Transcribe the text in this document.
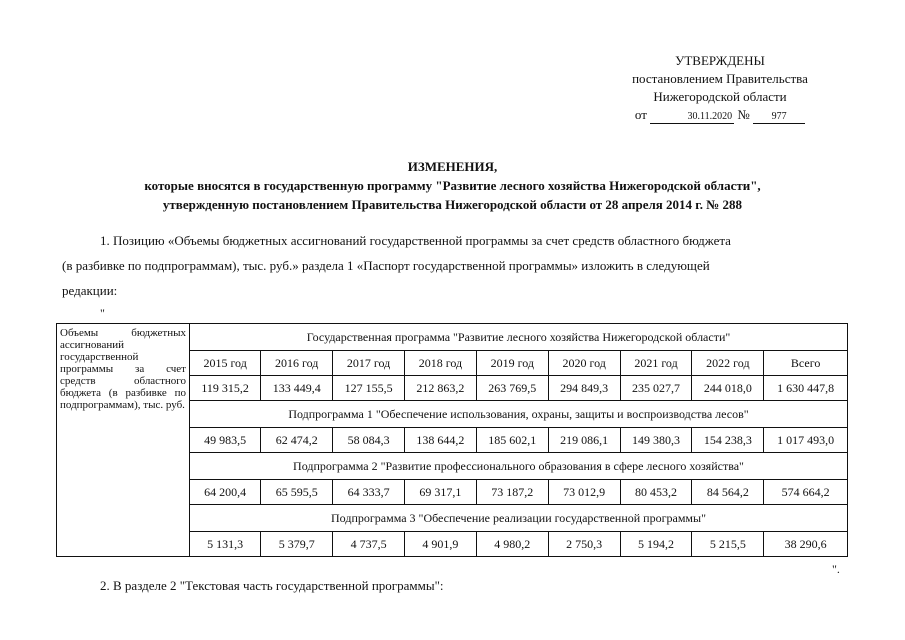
УТВЕРЖДЕНЫ
постановлением Правительства
Нижегородской области
от	30.11.2020 № 977
ИЗМЕНЕНИЯ,
которые вносятся в государственную программу "Развитие лесного хозяйства Нижегородской области",
утвержденную постановлением Правительства Нижегородской области от 28 апреля 2014 г. № 288
1. Позицию «Объемы бюджетных ассигнований государственной программы за счет средств областного бюджета
(в разбивке по подпрограммам), тыс. руб.» раздела 1 «Паспорт государственной программы» изложить в следующей
редакции:
"
Объемы бюджетных ассигнований государственной программы за счет средств областного бюджета (в разбивке по подпрограммам), тыс. руб.	Государственная программа "Развитие лесного хозяйства Нижегородской области"								
	2015 год	2016 год	2017 год	2018 год	2019 год	2020 год	2021 год	2022 год	Всего
	119 315,2	133 449,4	127 155,5	212 863,2	263 769,5	294 849,3	235 027,7	244 018,0	1 630 447,8
	Подпрограмма 1 "Обеспечение использования, охраны, защиты и воспроизводства лесов"								
	49 983,5	62 474,2	58 084,3	138 644,2	185 602,1	219 086,1	149 380,3	154 238,3	1 017 493,0
	Подпрограмма 2 "Развитие профессионального образования в сфере лесного хозяйства"								
	64 200,4	65 595,5	64 333,7	69 317,1	73 187,2	73 012,9	80 453,2	84 564,2	574 664,2
	Подпрограмма 3 "Обеспечение реализации государственной программы"								
	5 131,3	5 379,7	4 737,5	4 901,9	4 980,2	2 750,3	5 194,2	5 215,5	38 290,6
".
2. В разделе 2 "Текстовая часть государственной программы":
